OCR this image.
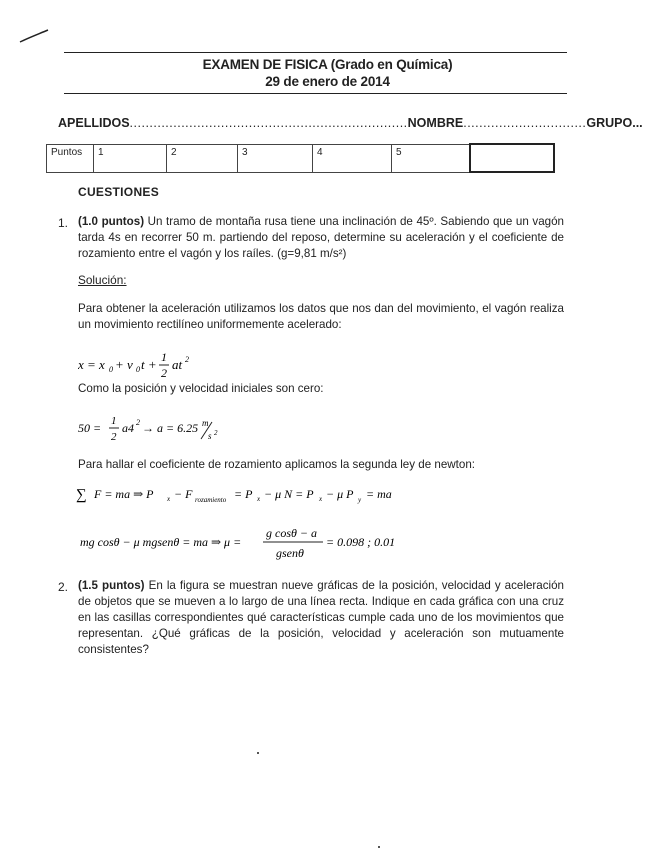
EXAMEN DE FISICA (Grado en Química)
29 de enero de 2014
APELLIDOS......................................................................NOMBRE...............................GRUPO...
Puntos	1	2	3	4	5	
CUESTIONES
1. (1.0 puntos) Un tramo de montaña rusa tiene una inclinación de 45º. Sabiendo que un vagón tarda 4s en recorrer 50 m. partiendo del reposo, determine su aceleración y el coeficiente de rozamiento entre el vagón y los raíles. (g=9,81 m/s²)
Solución:
Para obtener la aceleración utilizamos los datos que nos dan del movimiento, el vagón realiza un movimiento rectilíneo uniformemente acelerado:
x = x 0 + v 0 t + 1
2
at 2
Como la posición y velocidad iniciales son cero:
50 = 1
2
a4 2 → a = 6.25 m
s 2
Para hallar el coeficiente de rozamiento aplicamos la segunda ley de newton:
∑ F = ma ⇒ P x − F rozamiento = P x − μ N = P x − μ P y = ma
mg cosθ − μ mgsenθ = ma ⇒ μ =
g cosθ − a
gsenθ
= 0.098 ; 0.01
2. (1.5 puntos) En la figura se muestran nueve gráficas de la posición, velocidad y aceleración de objetos que se mueven a lo largo de una línea recta. Indique en cada gráfica con una cruz en las casillas correspondientes qué características cumple cada uno de los movimientos que representan. ¿Qué gráficas de la posición, velocidad y aceleración son mutuamente consistentes?
